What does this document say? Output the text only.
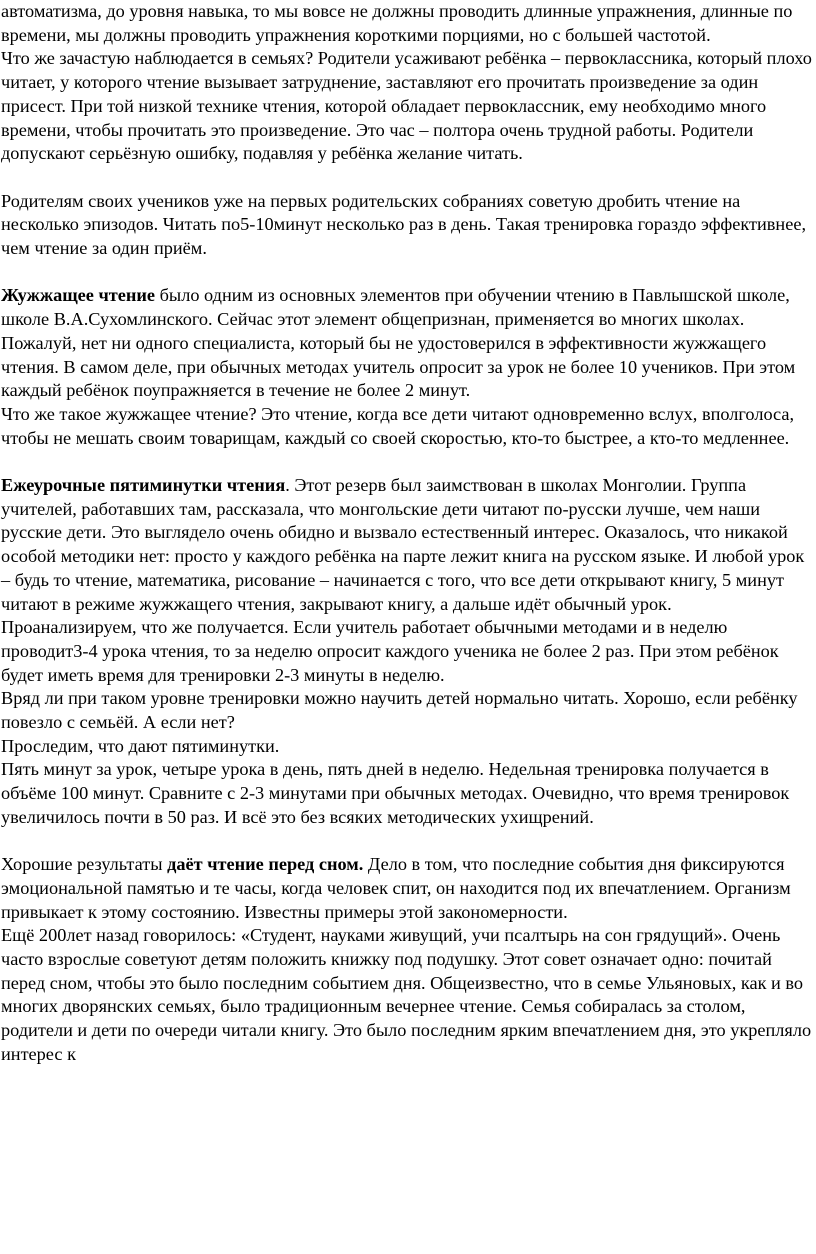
автоматизма, до уровня навыка, то мы вовсе не должны проводить длинные упражнения, длинные по времени, мы должны проводить упражнения короткими порциями, но с большей частотой.

Что же зачастую наблюдается в семьях? Родители усаживают ребёнка – первоклассника, который плохо читает, у которого чтение вызывает затруднение, заставляют его прочитать произведение за один присест. При той низкой технике чтения, которой обладает первоклассник, ему необходимо много времени, чтобы прочитать это произведение. Это час – полтора очень трудной работы. Родители допускают серьёзную ошибку, подавляя у ребёнка желание читать.

Родителям своих учеников уже на первых родительских собраниях советую дробить чтение на несколько эпизодов. Читать по5-10минут несколько раз в день. Такая тренировка гораздо эффективнее, чем чтение за один приём.

Жужжащее чтение было одним из основных элементов при обучении чтению в Павлышской школе, школе В.А.Сухомлинского. Сейчас этот элемент общепризнан, применяется во многих школах. Пожалуй, нет ни одного специалиста, который бы не удостоверился в эффективности жужжащего чтения. В самом деле, при обычных методах учитель опросит за урок не более 10 учеников. При этом каждый ребёнок поупражняется в течение не более 2 минут.

Что же такое жужжащее чтение? Это чтение, когда все дети читают одновременно вслух, вполголоса, чтобы не мешать своим товарищам, каждый со своей скоростью, кто-то быстрее, а кто-то медленнее.

Ежеурочные пятиминутки чтения. Этот резерв был заимствован в школах Монголии. Группа учителей, работавших там, рассказала, что монгольские дети читают по-русски лучше, чем наши русские дети. Это выглядело очень обидно и вызвало естественный интерес. Оказалось, что никакой особой методики нет: просто у каждого ребёнка на парте лежит книга на русском языке. И любой урок – будь то чтение, математика, рисование – начинается с того, что все дети открывают книгу, 5 минут читают в режиме жужжащего чтения, закрывают книгу, а дальше идёт обычный урок.

Проанализируем, что же получается. Если учитель работает обычными методами и в неделю проводит3-4 урока чтения, то за неделю опросит каждого ученика не более 2 раз. При этом ребёнок будет иметь время для тренировки 2-3 минуты в неделю.

Вряд ли при таком уровне тренировки можно научить детей нормально читать. Хорошо, если ребёнку повезло с семьёй. А если нет?

Проследим, что дают пятиминутки.

Пять минут за урок, четыре урока в день, пять дней в неделю. Недельная тренировка получается в объёме 100 минут. Сравните с 2-3 минутами при обычных методах. Очевидно, что время тренировок увеличилось почти в 50 раз. И всё это без всяких методических ухищрений.

Хорошие результаты даёт чтение перед сном. Дело в том, что последние события дня фиксируются эмоциональной памятью и те часы, когда человек спит, он находится под их впечатлением. Организм привыкает к этому состоянию. Известны примеры этой закономерности.

Ещё 200лет назад говорилось: «Студент, науками живущий, учи псалтырь на сон грядущий». Очень часто взрослые советуют детям положить книжку под подушку. Этот совет означает одно: почитай перед сном, чтобы это было последним событием дня. Общеизвестно, что в семье Ульяновых, как и во многих дворянских семьях, было традиционным вечернее чтение. Семья собиралась за столом, родители и дети по очереди читали книгу. Это было последним ярким впечатлением дня, это укрепляло интерес к
